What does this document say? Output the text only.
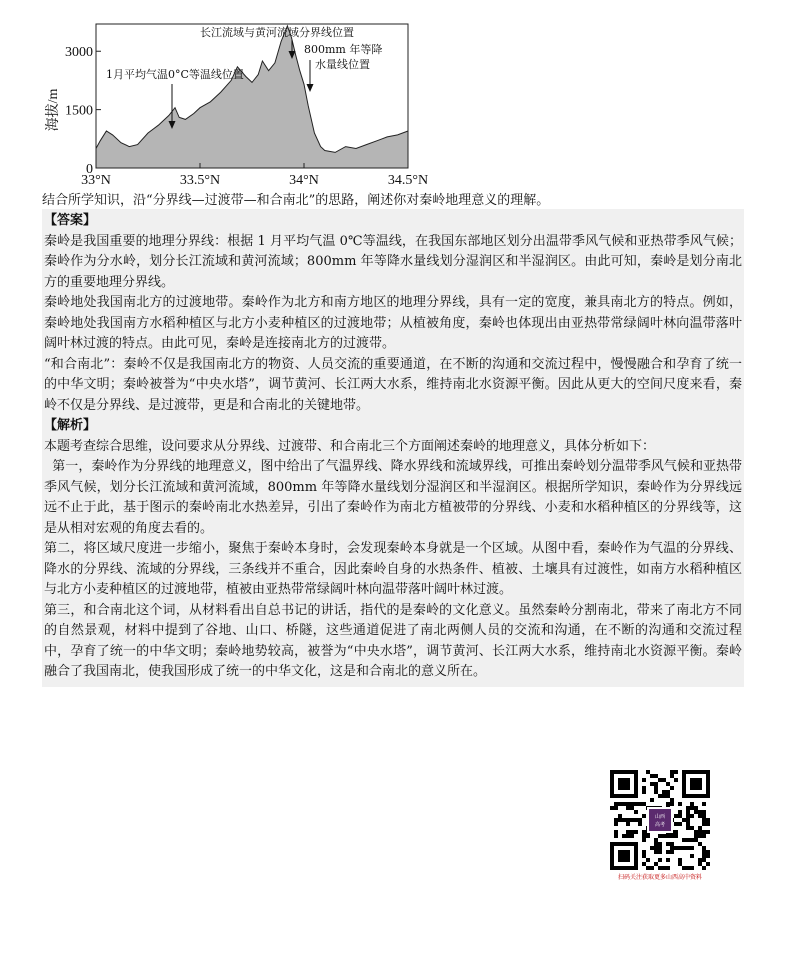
海拔/m
0
1500
3000
33°N	33.5°N	34°N	34.5°N
1月平均气温0°C等温线位置
长江流域与黄河流域分界线位置
800mm 年等降
水量线位置
结合所学知识，沿“分界线—过渡带—和合南北”的思路，阐述你对秦岭地理意义的理解。

【答案】

秦岭是我国重要的地理分界线：根据 1 月平均气温 0℃等温线，在我国东部地区划分出温带季风气候和亚热带季风气候；秦岭作为分水岭，划分长江流域和黄河流域；800mm 年等降水量线划分湿润区和半湿润区。由此可知，秦岭是划分南北方的重要地理分界线。

秦岭地处我国南北方的过渡地带。秦岭作为北方和南方地区的地理分界线，具有一定的宽度，兼具南北方的特点。例如，秦岭地处我国南方水稻种植区与北方小麦种植区的过渡地带；从植被角度，秦岭也体现出由亚热带常绿阔叶林向温带落叶阔叶林过渡的特点。由此可见，秦岭是连接南北方的过渡带。

“和合南北”：秦岭不仅是我国南北方的物资、人员交流的重要通道，在不断的沟通和交流过程中，慢慢融合和孕育了统一的中华文明；秦岭被誉为“中央水塔”，调节黄河、长江两大水系，维持南北水资源平衡。因此从更大的空间尺度来看，秦岭不仅是分界线、是过渡带，更是和合南北的关键地带。

【解析】

本题考查综合思维，设问要求从分界线、过渡带、和合南北三个方面阐述秦岭的地理意义，具体分析如下：

第一，秦岭作为分界线的地理意义，图中给出了气温界线、降水界线和流域界线，可推出秦岭划分温带季风气候和亚热带季风气候，划分长江流域和黄河流域，800mm 年等降水量线划分湿润区和半湿润区。根据所学知识，秦岭作为分界线远远不止于此，基于图示的秦岭南北水热差异，引出了秦岭作为南北方植被带的分界线、小麦和水稻种植区的分界线等，这是从相对宏观的角度去看的。

第二，将区域尺度进一步缩小，聚焦于秦岭本身时，会发现秦岭本身就是一个区域。从图中看，秦岭作为气温的分界线、降水的分界线、流域的分界线，三条线并不重合，因此秦岭自身的水热条件、植被、土壤具有过渡性，如南方水稻种植区与北方小麦种植区的过渡地带，植被由亚热带常绿阔叶林向温带落叶阔叶林过渡。

第三，和合南北这个词，从材料看出自总书记的讲话，指代的是秦岭的文化意义。虽然秦岭分割南北，带来了南北方不同的自然景观，材料中提到了谷地、山口、桥隧，这些通道促进了南北两侧人员的交流和沟通，在不断的沟通和交流过程中，孕育了统一的中华文明；秦岭地势较高，被誉为“中央水塔”，调节黄河、长江两大水系，维持南北水资源平衡。秦岭融合了我国南北，使我国形成了统一的中华文化，这是和合南北的意义所在。

山西
高考
扫码关注获取更多山西高中资料
